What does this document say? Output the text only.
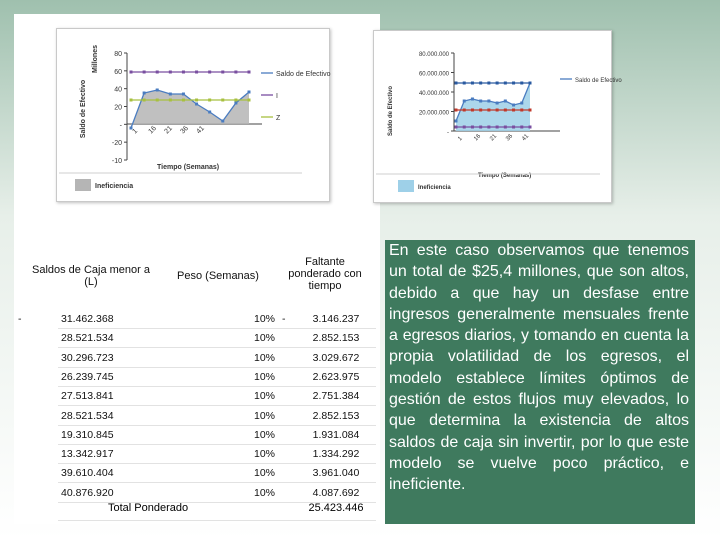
80
60
40
20
-
-20
-10
1 16 21 36 41
Tiempo (Semanas)
Saldo de Efectivo
Millones
Saldo de Efectivo
I
Z
Ineficiencia
80.000.000
60.000.000
40.000.000
20.000.000
-
1 16 21 36 41
Tiempo (Semanas)
Saldo de Efectivo
Saldo de Efectivo
Ineficiencia
Saldos de Caja menor a (L)	Peso (Semanas)
Faltante ponderado con tiempo
-	31.462.368	10% -	3.146.237
28.521.534	10%	2.852.153
30.296.723	10%	3.029.672
26.239.745	10%	2.623.975
27.513.841	10%	2.751.384
28.521.534	10%	2.852.153
19.310.845	10%	1.931.084
13.342.917	10%	1.334.292
39.610.404	10%	3.961.040
40.876.920	10%	4.087.692
Total Ponderado	25.423.446

En este caso observamos que tenemos un total de $25,4 millones, que son altos, debido a que hay un desfase entre ingresos generalmente mensuales frente a egresos diarios, y tomando en cuenta la propia volatilidad de los egresos, el modelo establece límites óptimos de gestión de estos flujos muy elevados, lo que determina la existencia de altos saldos de caja sin invertir, por lo que este modelo se vuelve poco práctico, e ineficiente.
